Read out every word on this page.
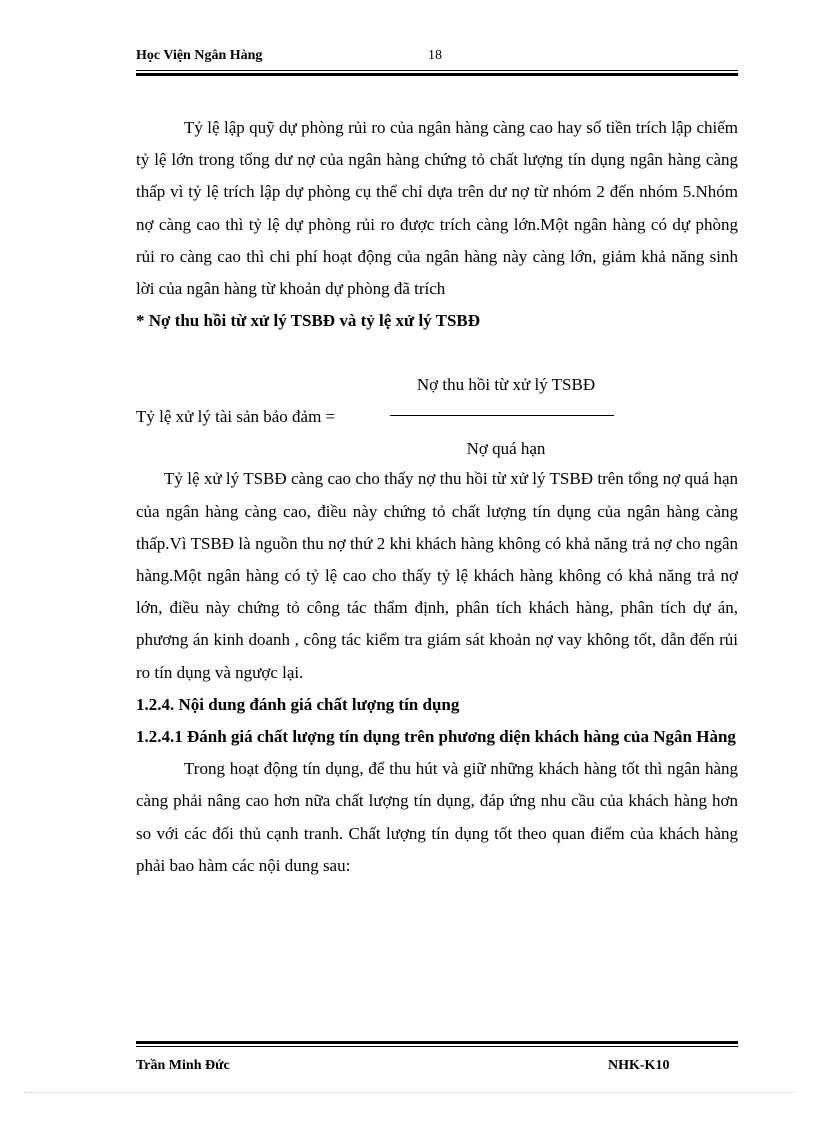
Học Viện Ngân Hàng	18
Tỷ lệ lập quỹ dự phòng rủi ro của ngân hàng càng cao hay số tiền trích lập chiếm tỷ lệ lớn trong tổng dư nợ của ngân hàng chứng tỏ chất lượng tín dụng ngân hàng càng thấp vì tỷ lệ trích lập dự phòng cụ thể chỉ dựa trên dư nợ từ nhóm 2 đến nhóm 5.Nhóm nợ càng cao thì tỷ lệ dự phòng rủi ro được trích càng lớn.Một ngân hàng có dự phòng rủi ro càng cao thì chi phí hoạt động của ngân hàng này càng lớn, giảm khả năng sinh lời của ngân hàng từ khoản dự phòng đã trích
* Nợ thu hồi từ xử lý TSBĐ và tỷ lệ xử lý TSBĐ
Nợ thu hồi từ xử lý TSBĐ
Tỷ lệ xử lý tài sản bảo đảm =
Nợ quá hạn
Tỷ lệ xử lý TSBĐ càng cao cho thấy nợ thu hồi từ xử lý TSBĐ trên tổng nợ quá hạn của ngân hàng càng cao, điều này chứng tỏ chất lượng tín dụng của ngân hàng càng thấp.Vì TSBĐ là nguồn thu nợ thứ 2 khi khách hàng không có khả năng trả nợ cho ngân hàng.Một ngân hàng có tỷ lệ cao cho thấy tỷ lệ khách hàng không có khả năng trả nợ lớn, điều này chứng tỏ công tác thẩm định, phân tích khách hàng, phân tích dự án, phương án kinh doanh , công tác kiểm tra giám sát khoản nợ vay không tốt, dẫn đến rủi ro tín dụng và ngược lại.
1.2.4. Nội dung đánh giá chất lượng tín dụng
1.2.4.1 Đánh giá chất lượng tín dụng trên phương diện khách hàng của Ngân Hàng
Trong hoạt động tín dụng, để thu hút và giữ những khách hàng tốt thì ngân hàng càng phải nâng cao hơn nữa chất lượng tín dụng, đáp ứng nhu cầu của khách hàng hơn so với các đối thủ cạnh tranh. Chất lượng tín dụng tốt theo quan điểm của khách hàng phải bao hàm các nội dung sau:
Trần Minh Đức	NHK-K10
